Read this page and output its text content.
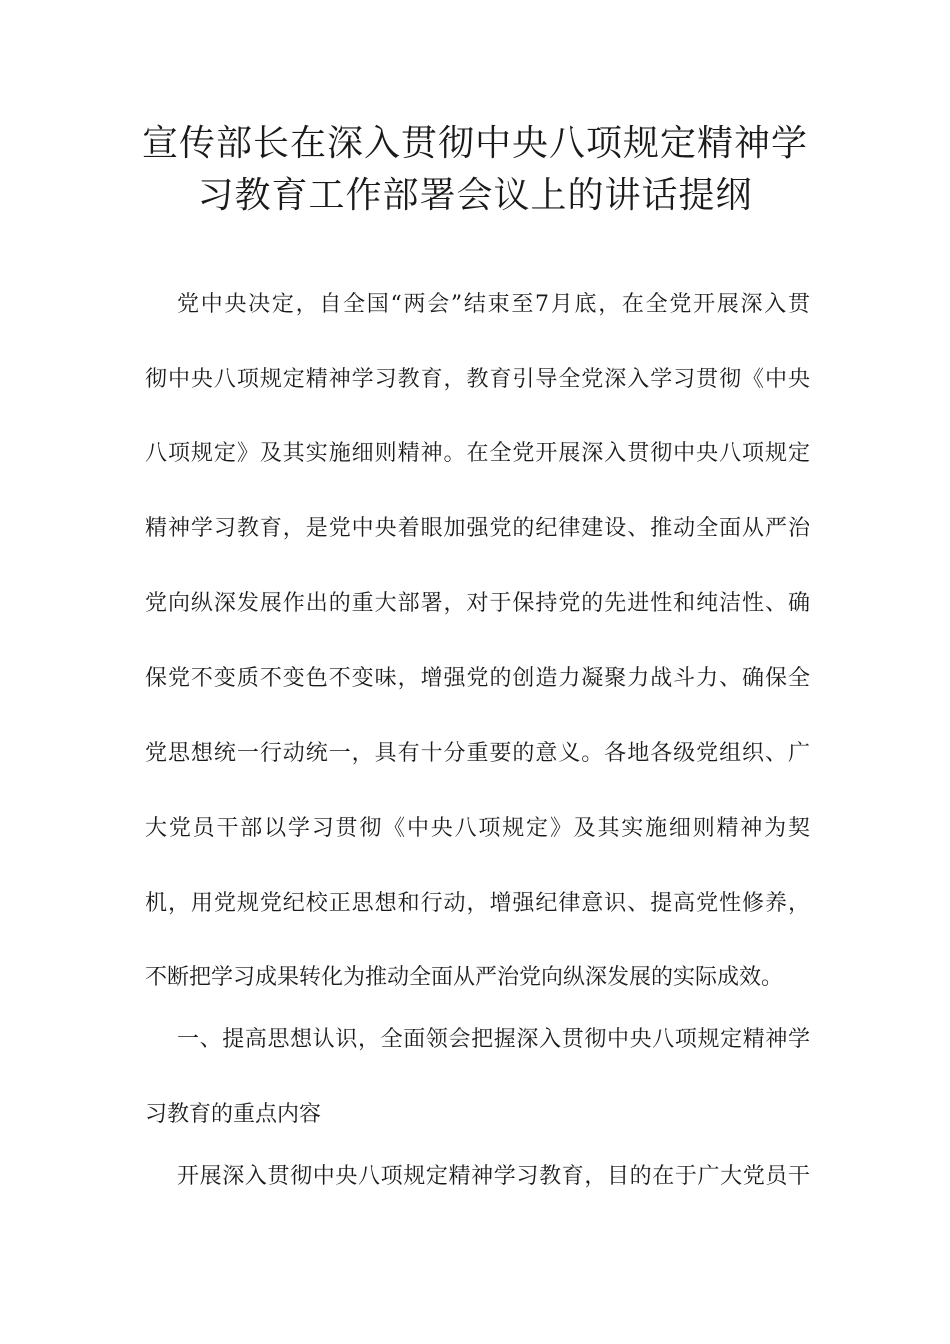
宣传部长在深入贯彻中央八项规定精神学
习教育工作部署会议上的讲话提纲
党中央决定，自全国“两会”结束至7月底，在全党开展深入贯
彻中央八项规定精神学习教育，教育引导全党深入学习贯彻《中央
八项规定》及其实施细则精神。在全党开展深入贯彻中央八项规定
精神学习教育，是党中央着眼加强党的纪律建设、推动全面从严治
党向纵深发展作出的重大部署，对于保持党的先进性和纯洁性、确
保党不变质不变色不变味，增强党的创造力凝聚力战斗力、确保全
党思想统一行动统一，具有十分重要的意义。各地各级党组织、广
大党员干部以学习贯彻《中央八项规定》及其实施细则精神为契
机，用党规党纪校正思想和行动，增强纪律意识、提高党性修养，
不断把学习成果转化为推动全面从严治党向纵深发展的实际成效。
一、提高思想认识，全面领会把握深入贯彻中央八项规定精神学
习教育的重点内容
开展深入贯彻中央八项规定精神学习教育，目的在于广大党员干
